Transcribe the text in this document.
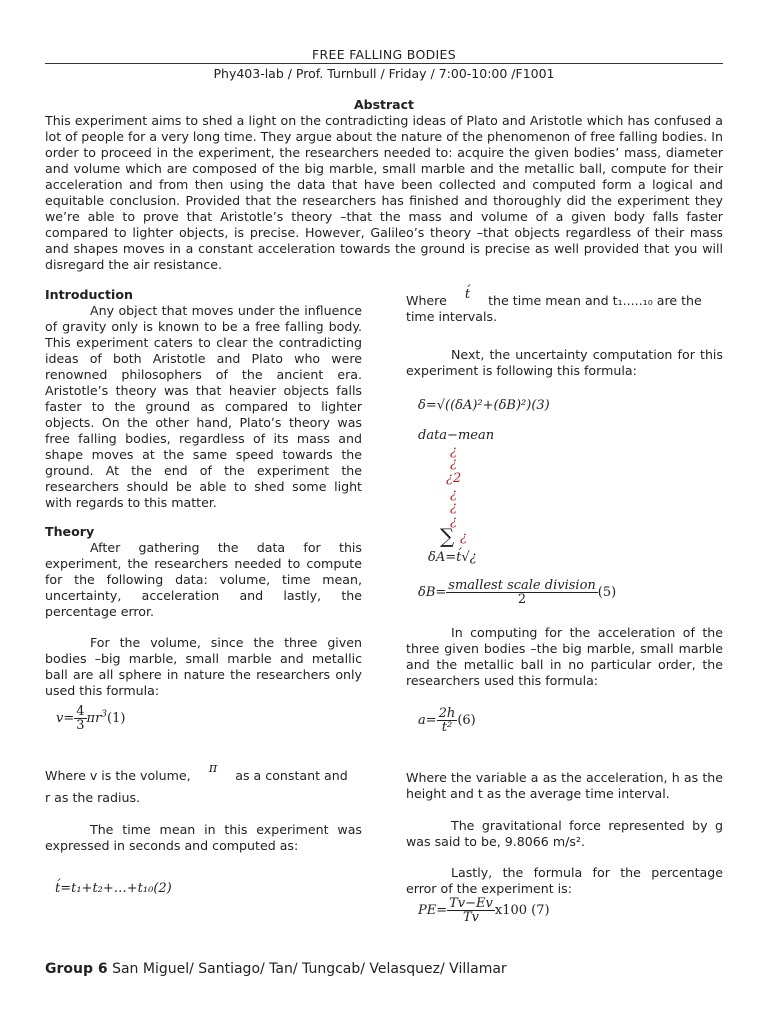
FREE FALLING BODIES
Phy403-lab / Prof. Turnbull / Friday / 7:00-10:00 /F1001
Abstract
This experiment aims to shed a light on the contradicting ideas of Plato and Aristotle which has confused a lot of people for a very long time. They argue about the nature of the phenomenon of free falling bodies. In order to proceed in the experiment, the researchers needed to: acquire the given bodies’ mass, diameter and volume which are composed of the big marble, small marble and the metallic ball, compute for their acceleration and from then using the data that have been collected and computed form a logical and equitable conclusion. Provided that the researchers has finished and thoroughly did the experiment they we’re able to prove that Aristotle’s theory –that the mass and volume of a given body falls faster compared to lighter objects, is precise. However, Galileo’s theory –that objects regardless of their mass and shapes moves in a constant acceleration towards the ground is precise as well provided that you will disregard the air resistance.
Introduction
Any object that moves under the influence of gravity only is known to be a free falling body. This experiment caters to clear the contradicting ideas of both Aristotle and Plato who were renowned philosophers of the ancient era. Aristotle’s theory was that heavier objects falls faster to the ground as compared to lighter objects. On the other hand, Plato’s theory was free falling bodies, regardless of its mass and shape moves at the same speed towards the ground. At the end of the experiment the researchers should be able to shed some light with regards to this matter.
Theory
After gathering the data for this experiment, the researchers needed to compute for the following data: volume, time mean, uncertainty, acceleration and lastly, the percentage error.
For the volume, since the three given bodies –big marble, small marble and metallic ball are all sphere in nature the researchers only used this formula:
$v= \frac{4}{3} \pi r^3(1)$
Where v is the volume, π as a constant and
r as the radius.
The time mean in this experiment was expressed in seconds and computed as:
t́=t₁+t₂+…+t₁₀(2)
Where t́ the time mean and t₁.....₁₀ are the time intervals.
Next, the uncertainty computation for this experiment is following this formula:
δ=√((δA)²+(δB)²)(3)
data−mean
¿
¿
¿2
¿
¿
¿
∑ ¿
δA=t́√¿
$\delta B= \frac{\text{smallest scale division}}{2} (5)$
In computing for the acceleration of the three given bodies –the big marble, small marble and the metallic ball in no particular order, the researchers used this formula:
$a= \frac{2h}{\text{t²}} (6)$
Where the variable a as the acceleration, h as the height and t as the average time interval.
The gravitational force represented by g was said to be, 9.8066 m/s².
Lastly, the formula for the percentage error of the experiment is:
$PE= \frac{Tv-Ev}{Tv} x100$ (7)
Group 6 San Miguel/ Santiago/ Tan/ Tungcab/ Velasquez/ Villamar
